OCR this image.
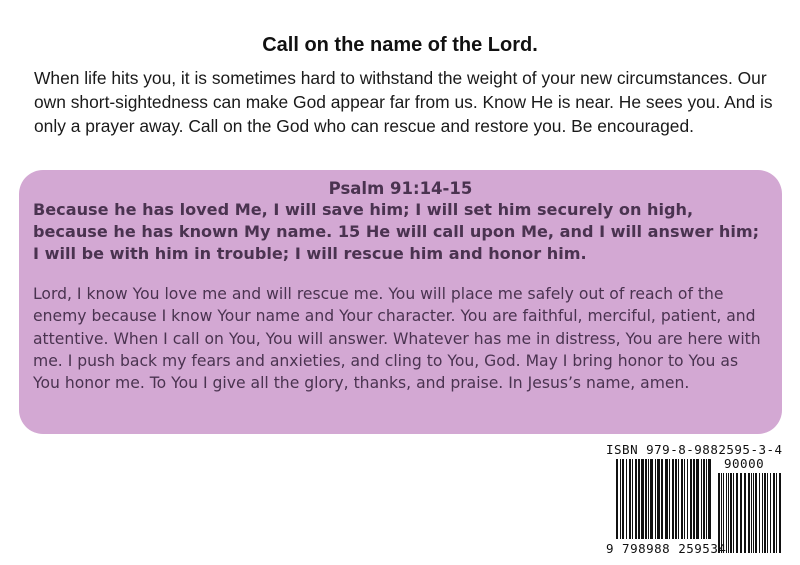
Call on the name of the Lord.
When life hits you, it is sometimes hard to withstand the weight of your new circumstances. Our own short-sightedness can make God appear far from us. Know He is near. He sees you. And is only a prayer away. Call on the God who can rescue and restore you. Be encouraged.
Psalm 91:14-15
Because he has loved Me, I will save him; I will set him securely on high, because he has known My name. 15 He will call upon Me, and I will answer him; I will be with him in trouble; I will rescue him and honor him.
Lord, I know You love me and will rescue me. You will place me safely out of reach of the enemy because I know Your name and Your character. You are faithful, merciful, patient, and attentive. When I call on You, You will answer. Whatever has me in distress, You are here with me. I push back my fears and anxieties, and cling to You, God. May I bring honor to You as You honor me. To You I give all the glory, thanks, and praise. In Jesus’s name, amen.
ISBN 979-8-9882595-3-4
90000
9 798988 259534
